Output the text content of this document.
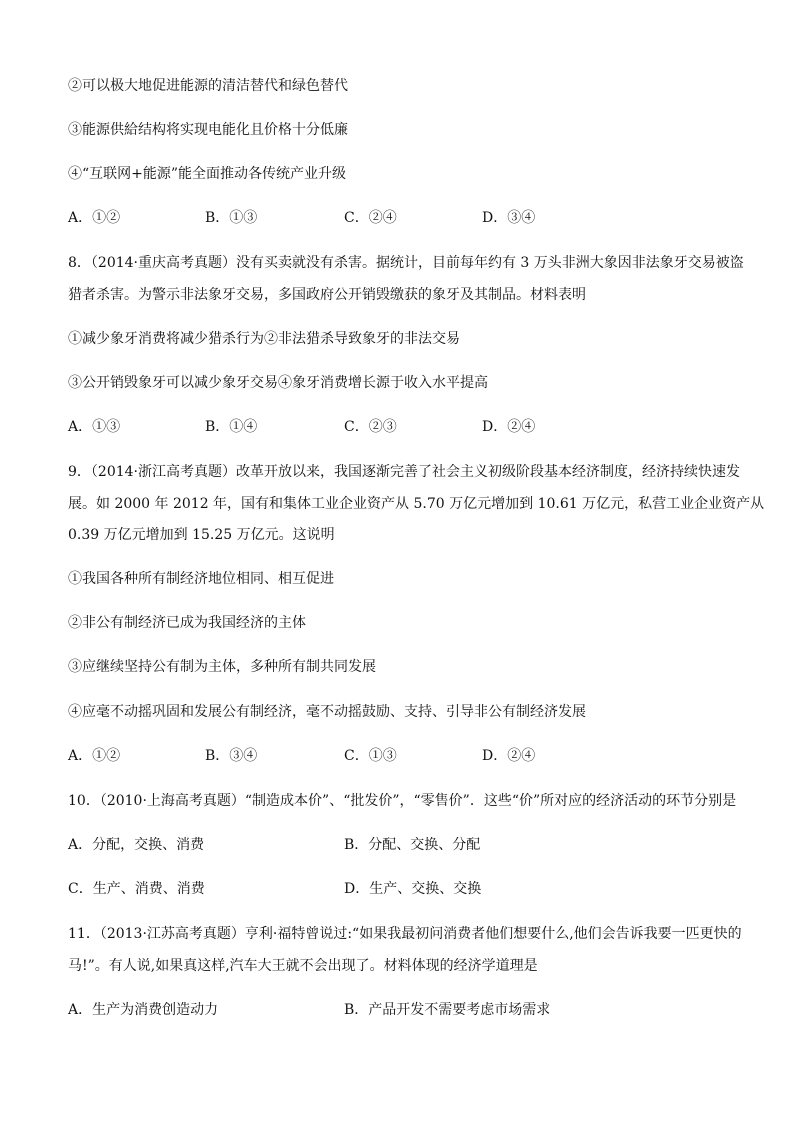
②可以极大地促进能源的清洁替代和绿色替代
③能源供給结构将实现电能化且价格十分低廉
④“互联网+能源”能全面推动各传统产业升级
A．①②	B．①③	C．②④	D．③④
8．（2014·重庆高考真题）没有买卖就没有杀害。据统计，目前每年约有 3 万头非洲大象因非法象牙交易被盗
猎者杀害。为警示非法象牙交易，多国政府公开销毁缴获的象牙及其制品。材料表明
①减少象牙消费将减少猎杀行为②非法猎杀导致象牙的非法交易
③公开销毁象牙可以减少象牙交易④象牙消费增长源于收入水平提高
A．①③	B．①④	C．②③	D．②④
9．（2014·浙江高考真题）改革开放以来，我国逐渐完善了社会主义初级阶段基本经济制度，经济持续快速发
展。如 2000 年 2012 年，国有和集体工业企业资产从 5.70 万亿元增加到 10.61 万亿元，私营工业企业资产从
0.39 万亿元增加到 15.25 万亿元。这说明
①我国各种所有制经济地位相同、相互促进
②非公有制经济已成为我国经济的主体
③应继续坚持公有制为主体，多种所有制共同发展
④应毫不动摇巩固和发展公有制经济，毫不动摇鼓励、支持、引导非公有制经济发展
A．①②	B．③④	C．①③	D．②④
10．（2010·上海高考真题）“制造成本价”、“批发价”，“零售价”．这些“价”所对应的经济活动的环节分别是
A．分配，交换、消费	B．分配、交换、分配
C．生产、消费、消费	D．生产、交换、交换
11．（2013·江苏高考真题）亨利·福特曾说过:“如果我最初问消费者他们想要什么,他们会告诉我要一匹更快的
马!”。有人说,如果真这样,汽车大王就不会出现了。材料体现的经济学道理是
A．生产为消费创造动力	B．产品开发不需要考虑市场需求
